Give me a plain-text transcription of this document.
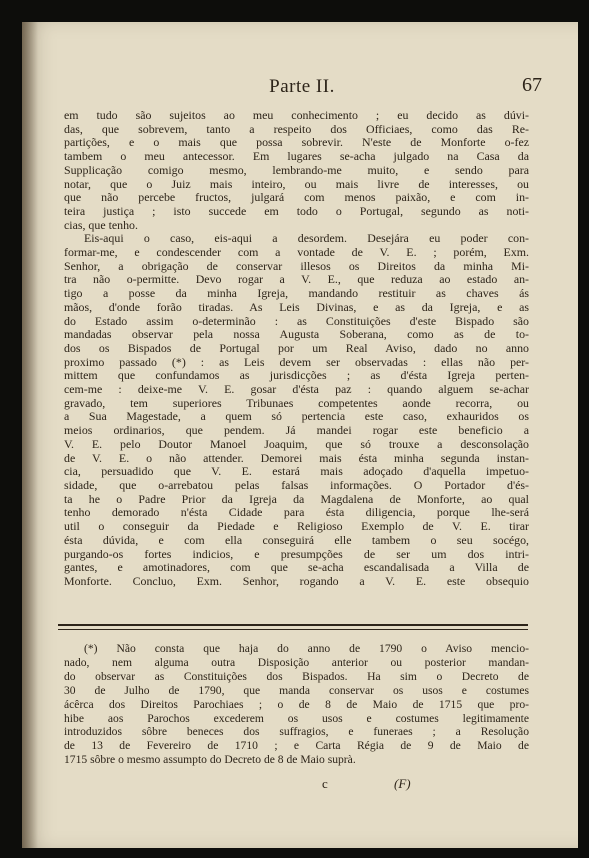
Parte II.	67

em tudo são sujeitos ao meu conhecimento ; eu decido as dúvi-
das, que sobrevem, tanto a respeito dos Officiaes, como das Re-
partições, e o mais que possa sobrevir. N'este de Monforte o-fez
tambem o meu antecessor. Em lugares se-acha julgado na Casa da
Supplicação comigo mesmo, lembrando-me muito, e sendo para
notar, que o Juiz mais inteiro, ou mais livre de interesses, ou
que não percebe fructos, julgará com menos paixão, e com in-
teira justiça ; isto succede em todo o Portugal, segundo as noti-
cias, que tenho.

Eis-aqui o caso, eis-aqui a desordem. Desejára eu poder con-
formar-me, e condescender com a vontade de V. E. ; porém, Exm.
Senhor, a obrigação de conservar illesos os Direitos da minha Mi-
tra não o-permitte. Devo rogar a V. E., que reduza ao estado an-
tigo a posse da minha Igreja, mandando restituir as chaves ás
mãos, d'onde forão tiradas. As Leis Divinas, e as da Igreja, e as
do Estado assim o-determinão : as Constituições d'este Bispado são
mandadas observar pela nossa Augusta Soberana, como as de to-
dos os Bispados de Portugal por um Real Aviso, dado no anno
proximo passado (*) : as Leis devem ser observadas : ellas não per-
mittem que confundamos as jurisdicções ; as d'ésta Igreja perten-
cem-me : deixe-me V. E. gosar d'ésta paz : quando alguem se-achar
gravado, tem superiores Tribunaes competentes aonde recorra, ou
a Sua Magestade, a quem só pertencia este caso, exhauridos os
meios ordinarios, que pendem. Já mandei rogar este beneficio a
V. E. pelo Doutor Manoel Joaquim, que só trouxe a desconsolação
de V. E. o não attender. Demorei mais ésta minha segunda instan-
cia, persuadido que V. E. estará mais adoçado d'aquella impetuo-
sidade, que o-arrebatou pelas falsas informações. O Portador d'és-
ta he o Padre Prior da Igreja da Magdalena de Monforte, ao qual
tenho demorado n'ésta Cidade para ésta diligencia, porque lhe-será
util o conseguir da Piedade e Religioso Exemplo de V. E. tirar
ésta dúvida, e com ella conseguirá elle tambem o seu socégo,
purgando-os fortes indicios, e presumpções de ser um dos intri-
gantes, e amotinadores, com que se-acha escandalisada a Villa de
Monforte. Concluo, Exm. Senhor, rogando a V. E. este obsequio

(*) Não consta que haja do anno de 1790 o Aviso mencio-
nado, nem alguma outra Disposição anterior ou posterior mandan-
do observar as Constituições dos Bispados. Ha sim o Decreto de
30 de Julho de 1790, que manda conservar os usos e costumes
ácêrca dos Direitos Parochiaes ; o de 8 de Maio de 1715 que pro-
hibe aos Parochos excederem os usos e costumes legitimamente
introduzidos sôbre beneces dos suffragios, e funeraes ; a Resolução
de 13 de Fevereiro de 1710 ; e Carta Régia de 9 de Maio de
1715 sôbre o mesmo assumpto do Decreto de 8 de Maio suprà.
c	(F)
